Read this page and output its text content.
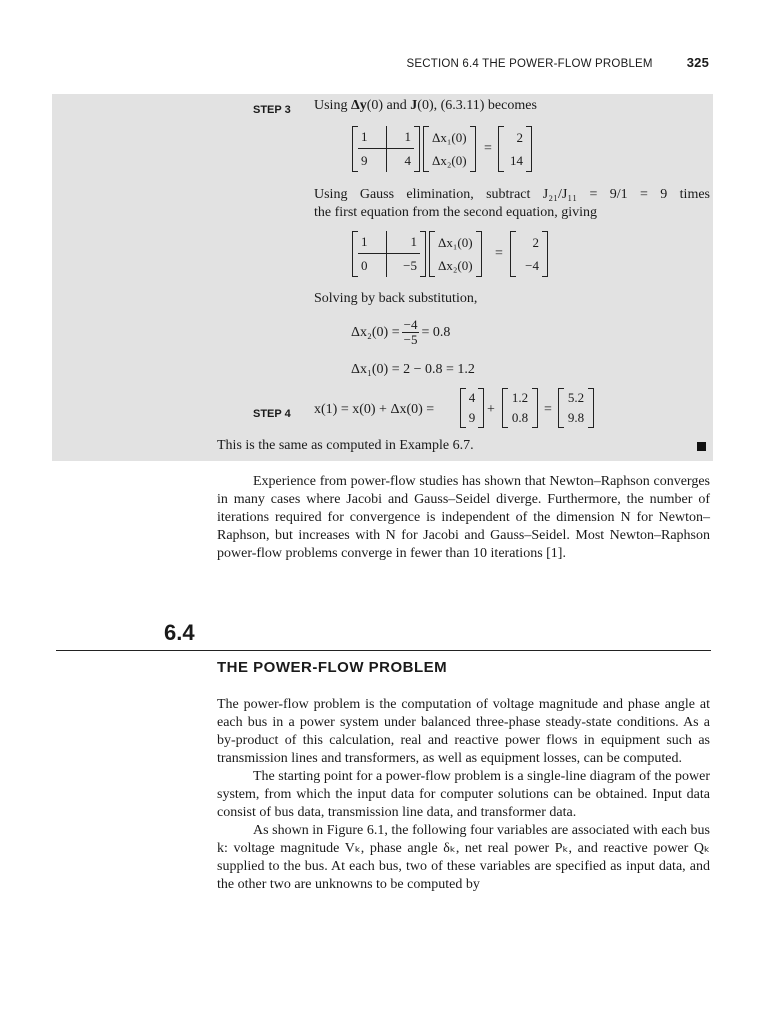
SECTION 6.4 THE POWER-FLOW PROBLEM	325
STEP 3 Using Δy(0) and J(0), (6.3.11) becomes
1	1
9	4
Δx₁(0)
Δx₂(0)
=
2
14
Using Gauss elimination, subtract J₂₁/J₁₁ = 9/1 = 9 times
the first equation from the second equation, giving
1	1
0	−5
Δx₁(0)
Δx₂(0)
=
2
−4
Solving by back substitution,
$\Delta x_2(0) = \frac{-4}{-5} = 0.8$
Δx₁(0) = 2 − 0.8 = 1.2
STEP 4 x(1) = x(0) + Δx(0) =
4
9
+
1.2
0.8
=
5.2
9.8
This is the same as computed in Example 6.7.

Experience from power-flow studies has shown that Newton–Raphson converges in many cases where Jacobi and Gauss–Seidel diverge. Furthermore, the number of iterations required for convergence is independent of the dimension N for Newton–Raphson, but increases with N for Jacobi and Gauss–Seidel. Most Newton–Raphson power-flow problems converge in fewer than 10 iterations [1].

6.4
THE POWER-FLOW PROBLEM

The power-flow problem is the computation of voltage magnitude and phase angle at each bus in a power system under balanced three-phase steady-state conditions. As a by-product of this calculation, real and reactive power flows in equipment such as transmission lines and transformers, as well as equipment losses, can be computed.

The starting point for a power-flow problem is a single-line diagram of the power system, from which the input data for computer solutions can be obtained. Input data consist of bus data, transmission line data, and transformer data.

As shown in Figure 6.1, the following four variables are associated with each bus k: voltage magnitude Vₖ, phase angle δₖ, net real power Pₖ, and reactive power Qₖ supplied to the bus. At each bus, two of these variables are specified as input data, and the other two are unknowns to be computed by
